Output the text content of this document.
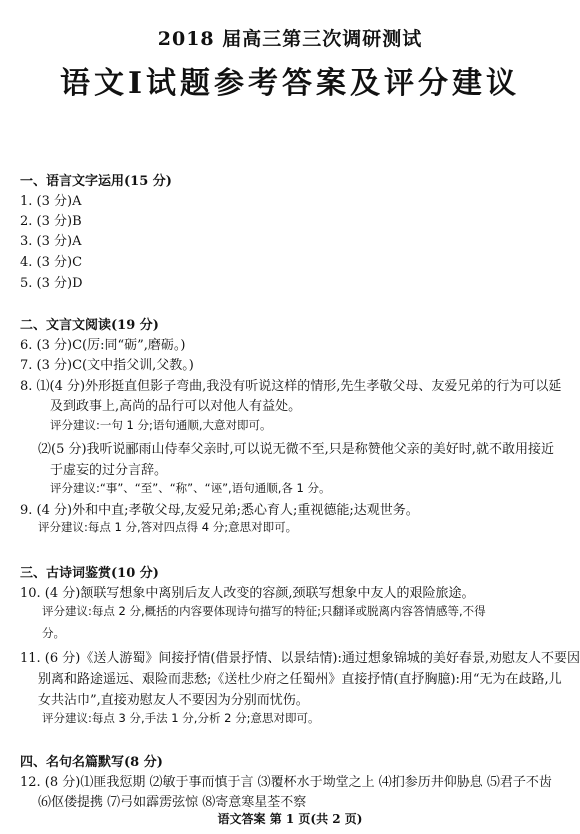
2018 届高三第三次调研测试
语文Ⅰ试题参考答案及评分建议
一、语言文字运用(15 分)
1. (3 分)A
2. (3 分)B
3. (3 分)A
4. (3 分)C
5. (3 分)D
二、文言文阅读(19 分)
6. (3 分)C(厉:同“砺”,磨砺。)
7. (3 分)C(文中指父训,父教。)
8. ⑴(4 分)外形挺直但影子弯曲,我没有听说这样的情形,先生孝敬父母、友爱兄弟的行为可以延
及到政事上,高尚的品行可以对他人有益处。
评分建议:一句 1 分;语句通顺,大意对即可。
⑵(5 分)我听说郦雨山侍奉父亲时,可以说无微不至,只是称赞他父亲的美好时,就不敢用接近
于虚妄的过分言辞。
评分建议:“事”、“至”、“称”、“诬”,语句通顺,各 1 分。
9. (4 分)外和中直;孝敬父母,友爱兄弟;悉心育人;重视德能;达观世务。
评分建议:每点 1 分,答对四点得 4 分;意思对即可。
三、古诗词鉴赏(10 分)
10. (4 分)颔联写想象中离别后友人改变的容颜,颈联写想象中友人的艰险旅途。
评分建议:每点 2 分,概括的内容要体现诗句描写的特征;只翻译或脱离内容答情感等,不得
分。
11. (6 分)《送人游蜀》间接抒情(借景抒情、以景结情):通过想象锦城的美好春景,劝慰友人不要因
别离和路途遥远、艰险而悲愁;《送杜少府之任蜀州》直接抒情(直抒胸臆):用“无为在歧路,儿
女共沾巾”,直接劝慰友人不要因为分别而忧伤。
评分建议:每点 3 分,手法 1 分,分析 2 分;意思对即可。
四、名句名篇默写(8 分)
12. (8 分)⑴匪我愆期 ⑵敏于事而慎于言 ⑶覆杯水于坳堂之上 ⑷扪参历井仰胁息 ⑸君子不齿
⑹伛偻提携 ⑺弓如霹雳弦惊 ⑻寄意寒星荃不察
语文答案 第 1 页(共 2 页)
